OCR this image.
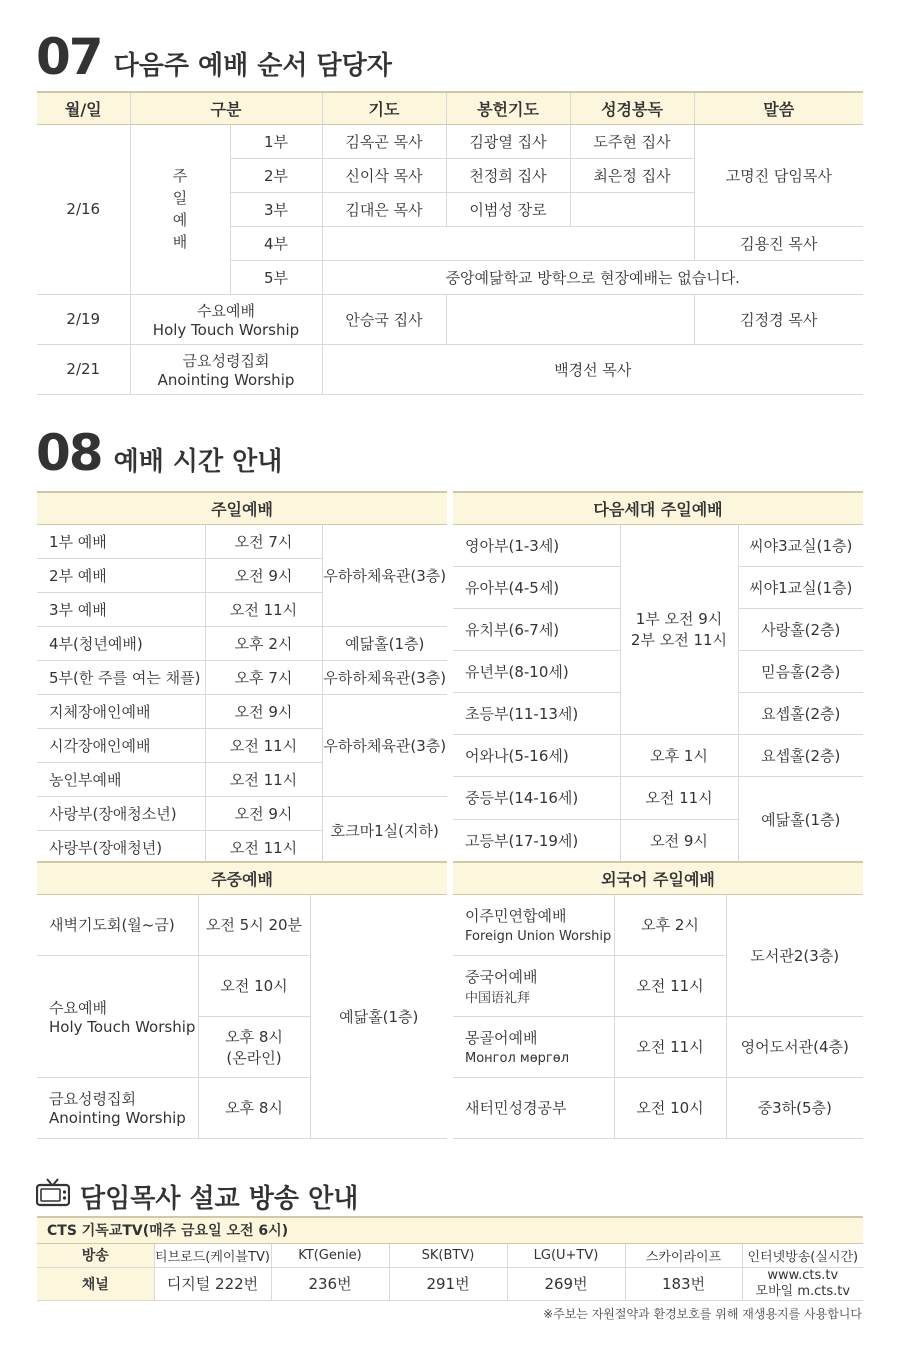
07 다음주 예배 순서 담당자
월/일	구분		기도	봉헌기도	성경봉독	말씀
2/16	주
일
예
배	1부	김옥곤 목사	김광열 집사	도주현 집사	고명진 담임목사
		2부	신이삭 목사	천정희 집사	최은정 집사	
		3부	김대은 목사	이범성 장로		
		4부				김용진 목사
		5부	중앙예닮학교 방학으로 현장예배는 없습니다.			
2/19	수요예배
Holy Touch Worship		안승국 집사			김정경 목사
2/21	금요성령집회
Anointing Worship		백경선 목사			
08 예배 시간 안내
주일예배		
1부 예배	오전 7시	우하하체육관(3층)
2부 예배	오전 9시	
3부 예배	오전 11시	
4부(청년예배)	오후 2시	예닮홀(1층)
5부(한 주를 여는 채플)	오후 7시	우하하체육관(3층)
지체장애인예배	오전 9시	우하하체육관(3층)
시각장애인예배	오전 11시	
농인부예배	오전 11시	
사랑부(장애청소년)	오전 9시	호크마1실(지하)
사랑부(장애청년)	오전 11시	
다음세대 주일예배		
영아부(1-3세)	1부 오전 9시
2부 오전 11시	씨야3교실(1층)
유아부(4-5세)		씨야1교실(1층)
유치부(6-7세)		사랑홀(2층)
유년부(8-10세)		믿음홀(2층)
초등부(11-13세)		요셉홀(2층)
어와나(5-16세)	오후 1시	요셉홀(2층)
중등부(14-16세)	오전 11시	예닮홀(1층)
고등부(17-19세)	오전 9시	
주중예배		
새벽기도회(월~금)	오전 5시 20분	예닮홀(1층)
수요예배
Holy Touch Worship	오전 10시	
	오후 8시
(온라인)	
금요성령집회
Anointing Worship	오후 8시	
외국어 주일예배		
이주민연합예배
Foreign Union Worship	오후 2시	도서관2(3층)
중국어예배
中国语礼拜	오전 11시	
몽골어예배
Монгол мөргөл	오전 11시	영어도서관(4층)
새터민성경공부	오전 10시	중3하(5층)
담임목사 설교 방송 안내
CTS 기독교TV(매주 금요일 오전 6시)						
방송	티브로드(케이블TV)	KT(Genie)	SK(BTV)	LG(U+TV)	스카이라이프	인터넷방송(실시간)
채널	디지털 222번	236번	291번	269번	183번	www.cts.tv
모바일 m.cts.tv
※주보는 자원절약과 환경보호를 위해 재생용지를 사용합니다
